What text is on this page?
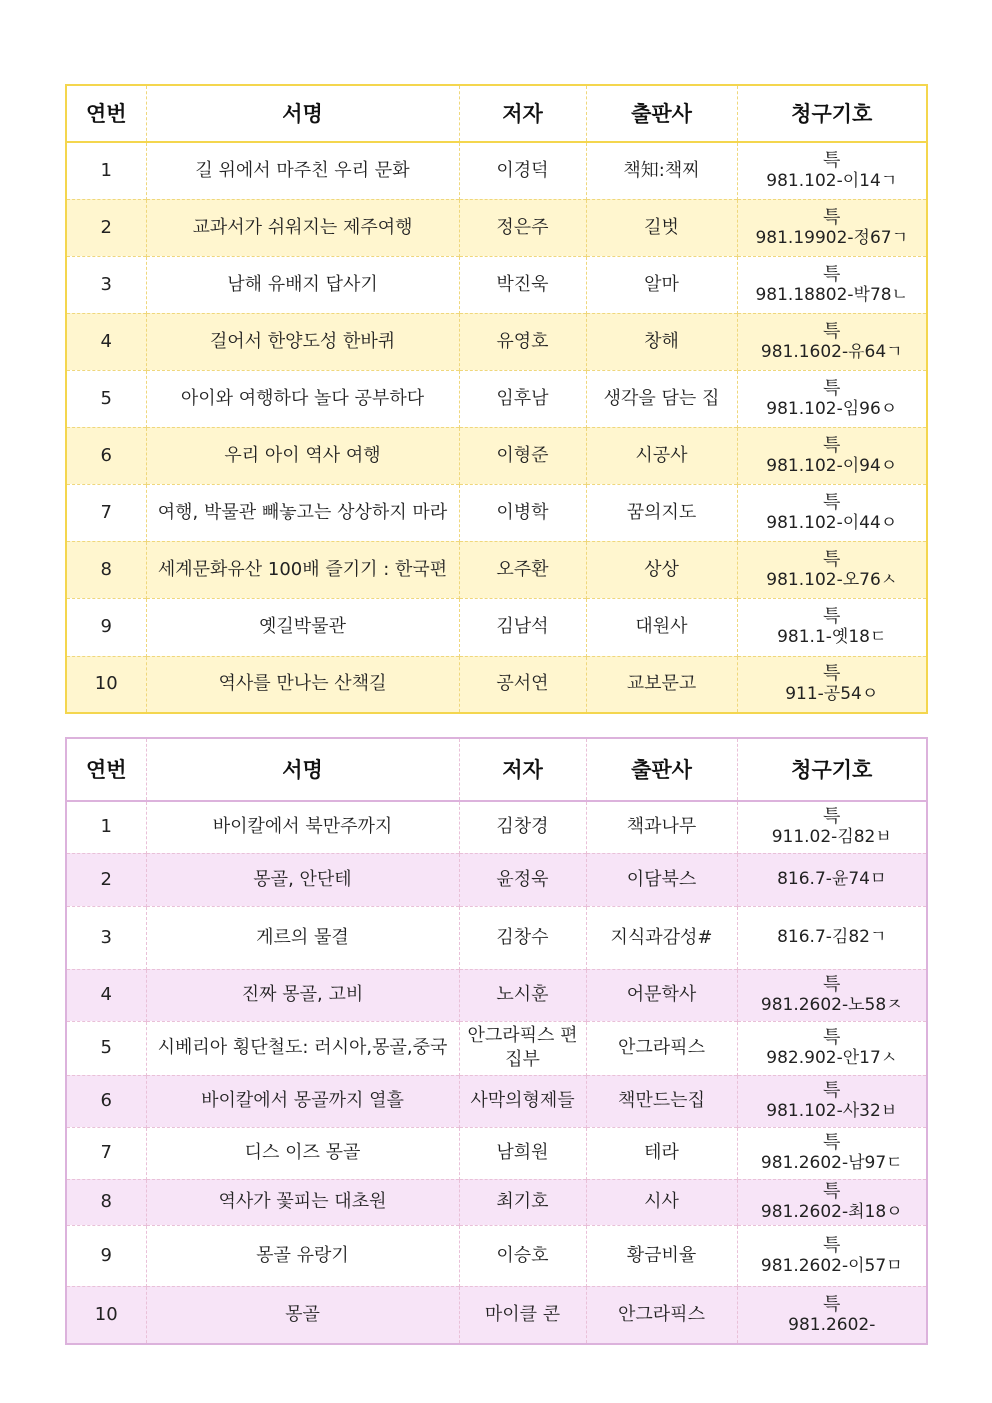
연번	서명	저자	출판사	청구기호
1	길 위에서 마주친 우리 문화	이경덕	책知:책찌	특
981.102-이14ㄱ

2	교과서가 쉬워지는 제주여행	정은주	길벗	특
981.19902-정67ㄱ

3	남해 유배지 답사기	박진욱	알마	특
981.18802-박78ㄴ

4	걸어서 한양도성 한바퀴	유영호	창해	특
981.1602-유64ㄱ

5	아이와 여행하다 놀다 공부하다	임후남	생각을 담는 집	특
981.102-임96ㅇ

6	우리 아이 역사 여행	이형준	시공사	특
981.102-이94ㅇ

7	여행, 박물관 빼놓고는 상상하지 마라	이병학	꿈의지도	특
981.102-이44ㅇ

8	세계문화유산 100배 즐기기 : 한국편	오주환	상상	특
981.102-오76ㅅ

9	옛길박물관	김남석	대원사	특
981.1-옛18ㄷ

10	역사를 만나는 산책길	공서연	교보문고	특
911-공54ㅇ
연번	서명	저자	출판사	청구기호
1	바이칼에서 북만주까지	김창경	책과나무	특
911.02-김82ㅂ

2	몽골, 안단테	윤정욱	이담북스	816.7-윤74ㅁ

3	게르의 물결	김창수	지식과감성#	816.7-김82ㄱ

4	진짜 몽골, 고비	노시훈	어문학사	특
981.2602-노58ㅈ

5	시베리아 횡단철도: 러시아,몽골,중국	안그라픽스 편집부	안그라픽스	특
982.902-안17ㅅ

6	바이칼에서 몽골까지 열흘	사막의형제들	책만드는집	특
981.102-사32ㅂ

7	디스 이즈 몽골	남희원	테라	특
981.2602-남97ㄷ

8	역사가 꽃피는 대초원	최기호	시사	특
981.2602-최18ㅇ

9	몽골 유랑기	이승호	황금비율	특
981.2602-이57ㅁ

10	몽골	마이클 콘	안그라픽스	특
981.2602-
